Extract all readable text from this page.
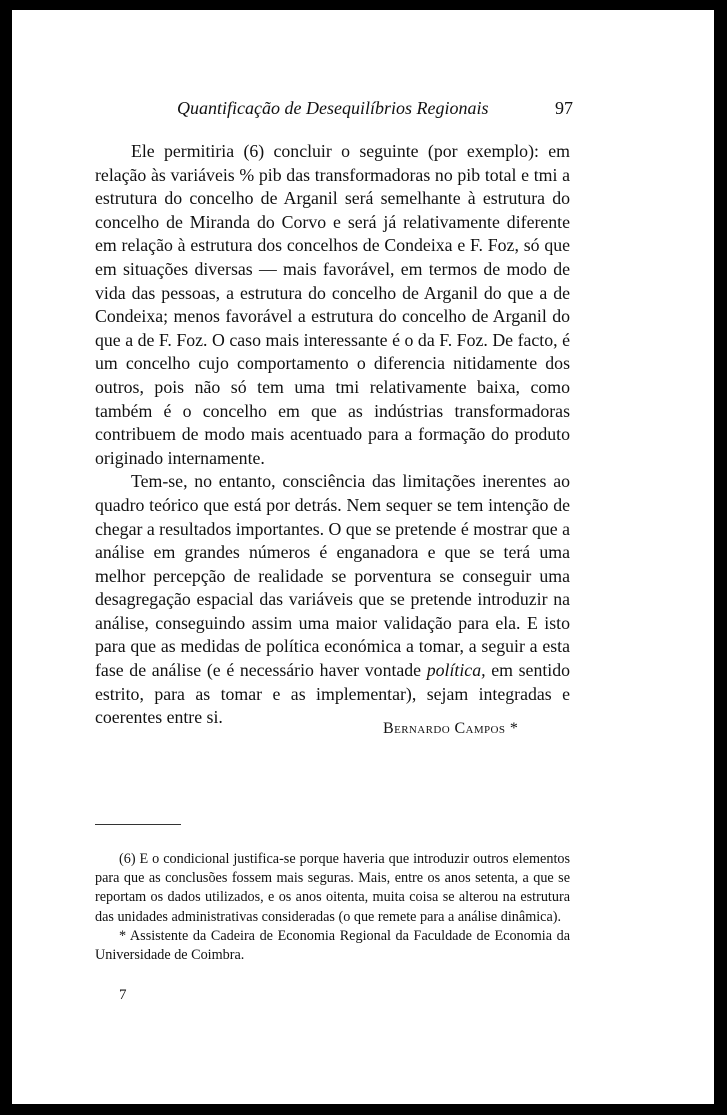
Quantificação de Desequilíbrios Regionais	97

Ele permitiria (6) concluir o seguinte (por exemplo): em relação às variáveis % pib das transformadoras no pib total e tmi a estrutura do concelho de Arganil será semelhante à estrutura do concelho de Miranda do Corvo e será já relativamente diferente em relação à estrutura dos concelhos de Condeixa e F. Foz, só que em situações diversas — mais favorável, em termos de modo de vida das pessoas, a estrutura do concelho de Arganil do que a de Condeixa; menos favorável a estrutura do concelho de Arganil do que a de F. Foz. O caso mais interessante é o da F. Foz. De facto, é um concelho cujo comportamento o diferencia nitidamente dos outros, pois não só tem uma tmi relativamente baixa, como também é o concelho em que as indústrias transformadoras contribuem de modo mais acentuado para a formação do produto originado internamente.

Tem-se, no entanto, consciência das limitações inerentes ao quadro teórico que está por detrás. Nem sequer se tem intenção de chegar a resultados importantes. O que se pretende é mostrar que a análise em grandes números é enganadora e que se terá uma melhor percepção de realidade se porventura se conseguir uma desagregação espacial das variáveis que se pretende introduzir na análise, conseguindo assim uma maior validação para ela. E isto para que as medidas de política económica a tomar, a seguir a esta fase de análise (e é necessário haver vontade política, em sentido estrito, para as tomar e as implementar), sejam integradas e coerentes entre si.

Bernardo Campos *

(6) E o condicional justifica-se porque haveria que introduzir outros elementos para que as conclusões fossem mais seguras. Mais, entre os anos setenta, a que se reportam os dados utilizados, e os anos oitenta, muita coisa se alterou na estrutura das unidades administrativas consideradas (o que remete para a análise dinâmica).

* Assistente da Cadeira de Economia Regional da Faculdade de Economia da Universidade de Coimbra.

7
